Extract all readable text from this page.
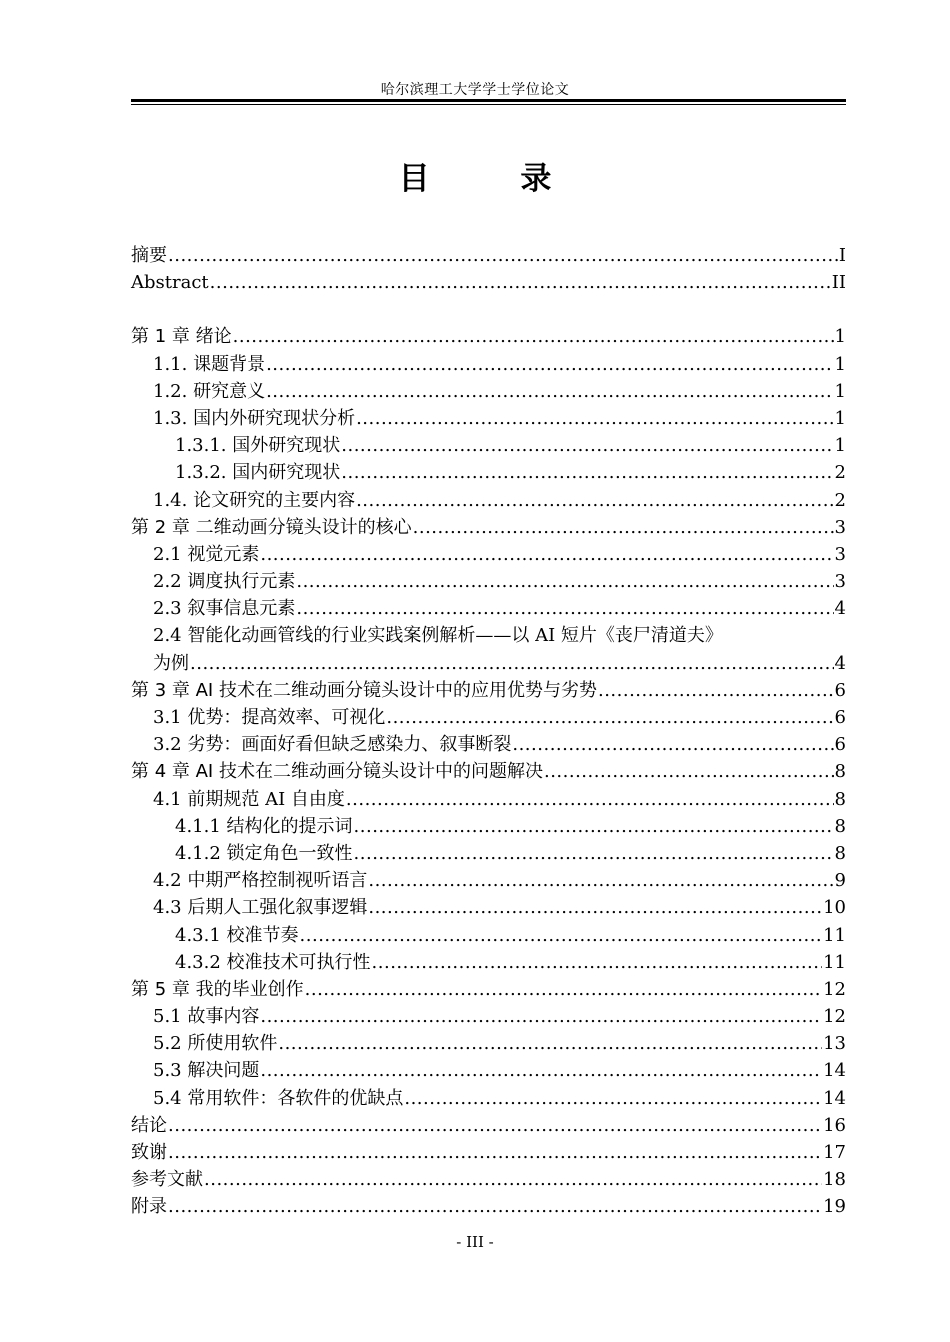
哈尔滨理工大学学士学位论文
目 录
摘要 .....	I
Abstract .....	II
第 1 章 绪论 .....	1
1.1. 课题背景 .....	1
1.2. 研究意义 .....	1
1.3. 国内外研究现状分析 .....	1
1.3.1. 国外研究现状 .....	1
1.3.2. 国内研究现状 .....	2
1.4. 论文研究的主要内容 .....	2
第 2 章 二维动画分镜头设计的核心 .....	3
2.1 视觉元素 .....	3
2.2 调度执行元素 .....	3
2.3 叙事信息元素 .....	4
2.4 智能化动画管线的行业实践案例解析——以 AI 短片《丧尸清道夫》
为例 .....	4
第 3 章 AI 技术在二维动画分镜头设计中的应用优势与劣势 .....	6
3.1 优势：提高效率、可视化 .....	6
3.2 劣势：画面好看但缺乏感染力、叙事断裂 .....	6
第 4 章 AI 技术在二维动画分镜头设计中的问题解决 .....	8
4.1 前期规范 AI 自由度 .....	8
4.1.1 结构化的提示词 .....	8
4.1.2 锁定角色一致性 .....	8
4.2 中期严格控制视听语言 .....	9
4.3 后期人工强化叙事逻辑 .....	10
4.3.1 校准节奏 .....	11
4.3.2 校准技术可执行性 .....	11
第 5 章 我的毕业创作 .....	12
5.1 故事内容 .....	12
5.2 所使用软件 .....	13
5.3 解决问题 .....	14
5.4 常用软件：各软件的优缺点 .....	14
结论 .....	16
致谢 .....	17
参考文献 .....	18
附录 .....	19
- III -
